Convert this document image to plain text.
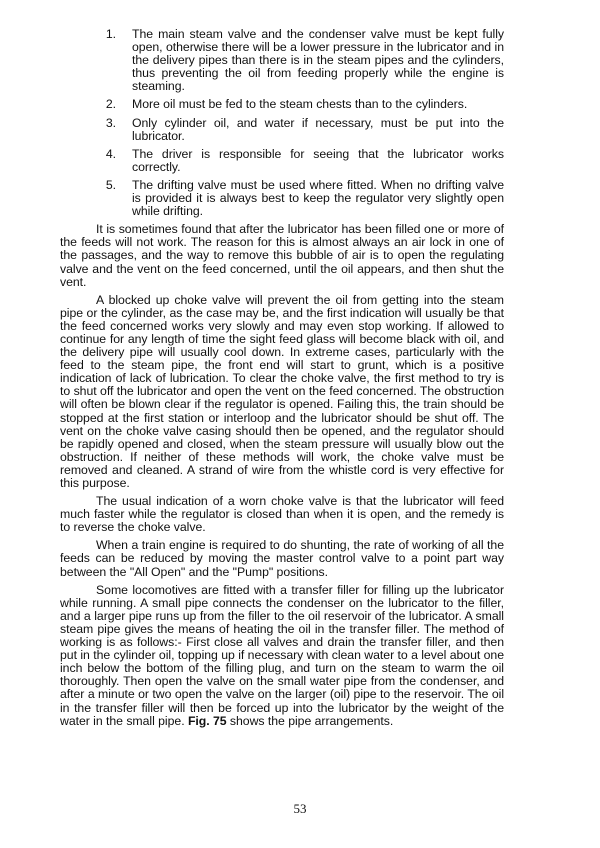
1.	The main steam valve and the condenser valve must be kept fully open, otherwise there will be a lower pressure in the lubricator and in the delivery pipes than there is in the steam pipes and the cylinders, thus preventing the oil from feeding properly while the engine is steaming.
2.	More oil must be fed to the steam chests than to the cylinders.
3.	Only cylinder oil, and water if necessary, must be put into the lubricator.
4.	The driver is responsible for seeing that the lubricator works correctly.
5.	The drifting valve must be used where fitted. When no drifting valve is provided it is always best to keep the regulator very slightly open while drifting.

It is sometimes found that after the lubricator has been filled one or more of the feeds will not work. The reason for this is almost always an air lock in one of the passages, and the way to remove this bubble of air is to open the regulating valve and the vent on the feed concerned, until the oil appears, and then shut the vent.

A blocked up choke valve will prevent the oil from getting into the steam pipe or the cylinder, as the case may be, and the first indication will usually be that the feed concerned works very slowly and may even stop working. If allowed to continue for any length of time the sight feed glass will become black with oil, and the delivery pipe will usually cool down. In extreme cases, particularly with the feed to the steam pipe, the front end will start to grunt, which is a positive indication of lack of lubrication. To clear the choke valve, the first method to try is to shut off the lubricator and open the vent on the feed concerned. The obstruction will often be blown clear if the regulator is opened. Failing this, the train should be stopped at the first station or interloop and the lubricator should be shut off. The vent on the choke valve casing should then be opened, and the regulator should be rapidly opened and closed, when the steam pressure will usually blow out the obstruction. If neither of these methods will work, the choke valve must be removed and cleaned. A strand of wire from the whistle cord is very effective for this purpose.

The usual indication of a worn choke valve is that the lubricator will feed much faster while the regulator is closed than when it is open, and the remedy is to reverse the choke valve.

When a train engine is required to do shunting, the rate of working of all the feeds can be reduced by moving the master control valve to a point part way between the "All Open" and the "Pump" positions.

Some locomotives are fitted with a transfer filler for filling up the lubricator while running. A small pipe connects the condenser on the lubricator to the filler, and a larger pipe runs up from the filler to the oil reservoir of the lubricator. A small steam pipe gives the means of heating the oil in the transfer filler. The method of working is as follows:- First close all valves and drain the transfer filler, and then put in the cylinder oil, topping up if necessary with clean water to a level about one inch below the bottom of the filling plug, and turn on the steam to warm the oil thoroughly. Then open the valve on the small water pipe from the condenser, and after a minute or two open the valve on the larger (oil) pipe to the reservoir. The oil in the transfer filler will then be forced up into the lubricator by the weight of the water in the small pipe. Fig. 75 shows the pipe arrangements.

53
